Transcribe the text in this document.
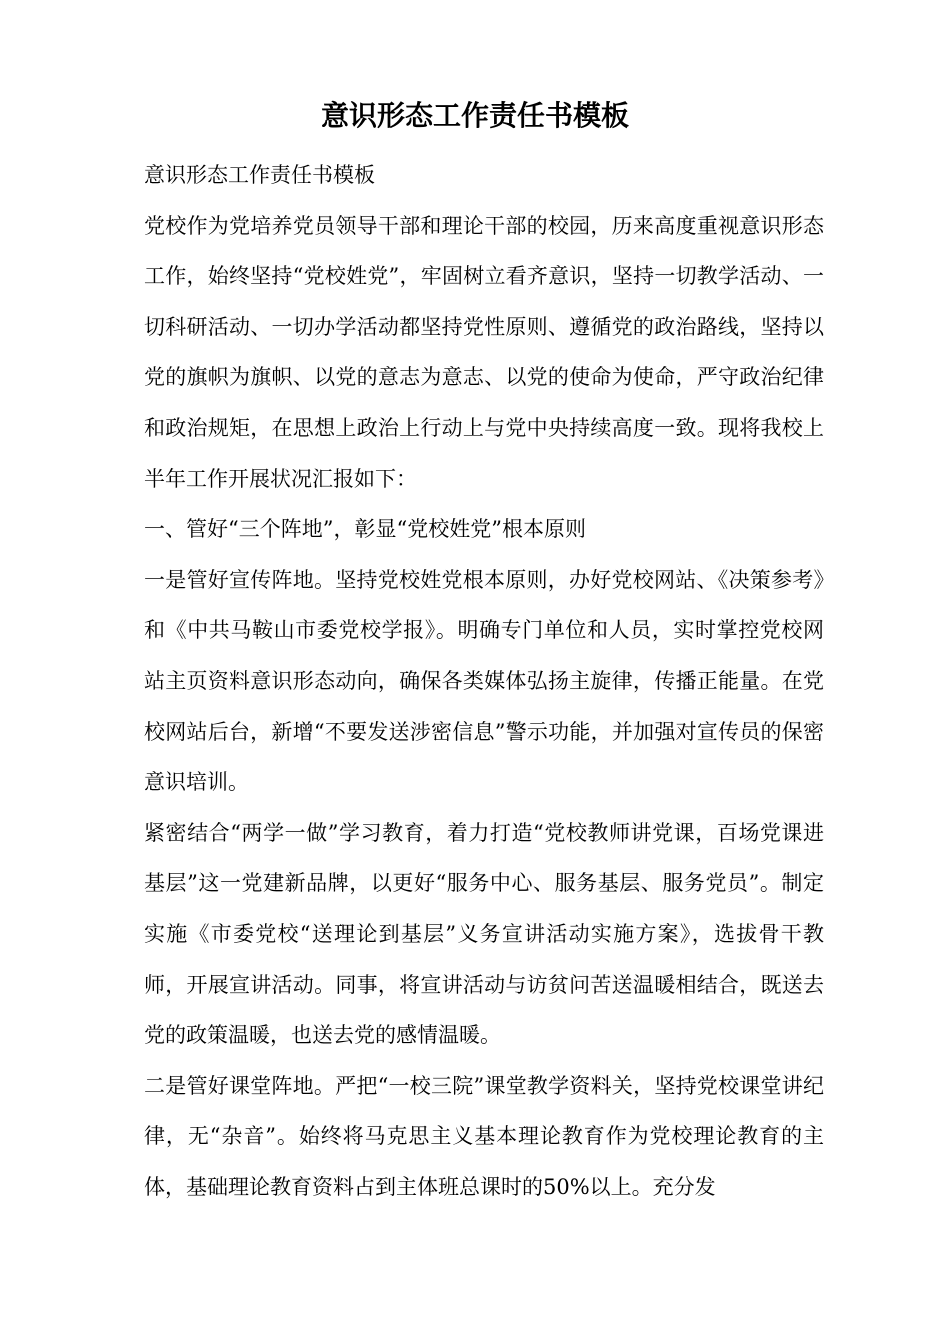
意识形态工作责任书模板

意识形态工作责任书模板

党校作为党培养党员领导干部和理论干部的校园，历来高度重视意识形态工作，始终坚持“党校姓党”，牢固树立看齐意识，坚持一切教学活动、一切科研活动、一切办学活动都坚持党性原则、遵循党的政治路线，坚持以党的旗帜为旗帜、以党的意志为意志、以党的使命为使命，严守政治纪律和政治规矩，在思想上政治上行动上与党中央持续高度一致。现将我校上半年工作开展状况汇报如下：

一、管好“三个阵地”，彰显“党校姓党”根本原则

一是管好宣传阵地。坚持党校姓党根本原则，办好党校网站、《决策参考》和《中共马鞍山市委党校学报》。明确专门单位和人员，实时掌控党校网站主页资料意识形态动向，确保各类媒体弘扬主旋律，传播正能量。在党校网站后台，新增“不要发送涉密信息”警示功能，并加强对宣传员的保密意识培训。

紧密结合“两学一做”学习教育，着力打造“党校教师讲党课，百场党课进基层”这一党建新品牌，以更好“服务中心、服务基层、服务党员”。制定实施《市委党校“送理论到基层”义务宣讲活动实施方案》，选拔骨干教师，开展宣讲活动。同事，将宣讲活动与访贫问苦送温暖相结合，既送去党的政策温暖，也送去党的感情温暖。

二是管好课堂阵地。严把“一校三院”课堂教学资料关，坚持党校课堂讲纪律，无“杂音”。始终将马克思主义基本理论教育作为党校理论教育的主体，基础理论教育资料占到主体班总课时的50%以上。充分发
